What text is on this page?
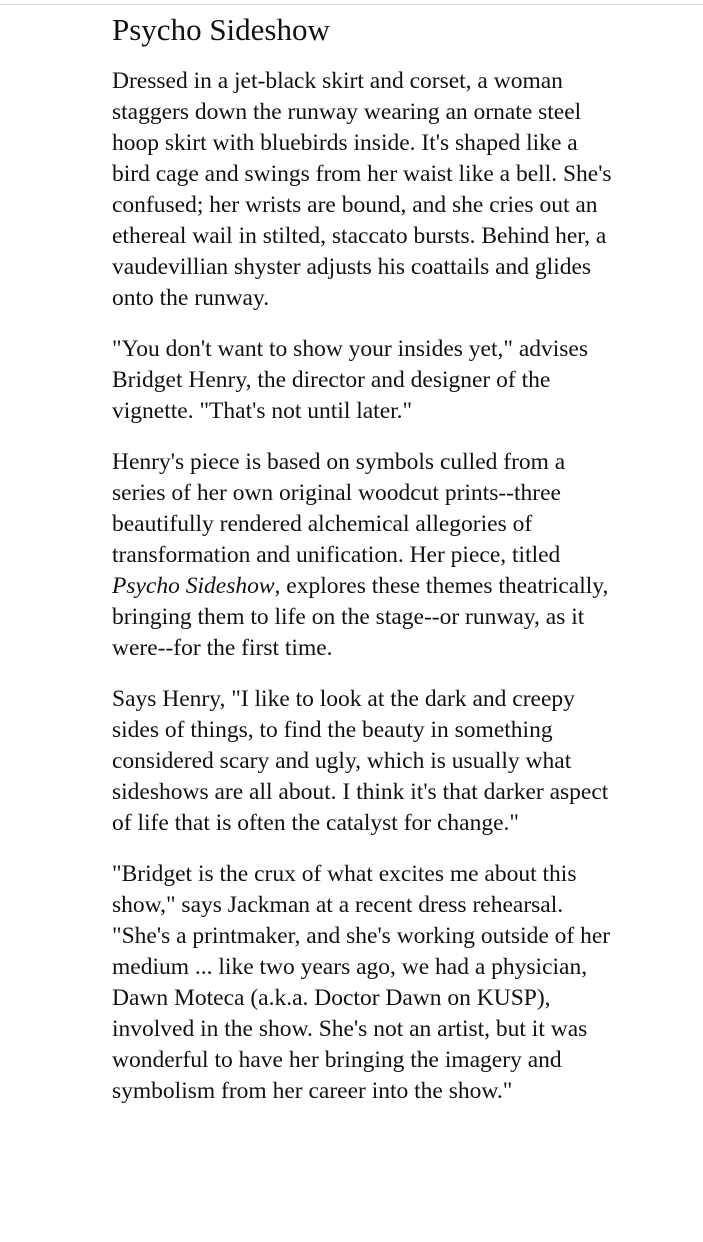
Psycho Sideshow

Dressed in a jet-black skirt and corset, a woman staggers down the runway wearing an ornate steel hoop skirt with bluebirds inside. It's shaped like a bird cage and swings from her waist like a bell. She's confused; her wrists are bound, and she cries out an ethereal wail in stilted, staccato bursts. Behind her, a vaudevillian shyster adjusts his coattails and glides onto the runway.

"You don't want to show your insides yet," advises Bridget Henry, the director and designer of the vignette. "That's not until later."

Henry's piece is based on symbols culled from a series of her own original woodcut prints--three beautifully rendered alchemical allegories of transformation and unification. Her piece, titled Psycho Sideshow, explores these themes theatrically, bringing them to life on the stage--or runway, as it were--for the first time.

Says Henry, "I like to look at the dark and creepy sides of things, to find the beauty in something considered scary and ugly, which is usually what sideshows are all about. I think it's that darker aspect of life that is often the catalyst for change."

"Bridget is the crux of what excites me about this show," says Jackman at a recent dress rehearsal. "She's a printmaker, and she's working outside of her medium ... like two years ago, we had a physician, Dawn Moteca (a.k.a. Doctor Dawn on KUSP), involved in the show. She's not an artist, but it was wonderful to have her bringing the imagery and symbolism from her career into the show."
